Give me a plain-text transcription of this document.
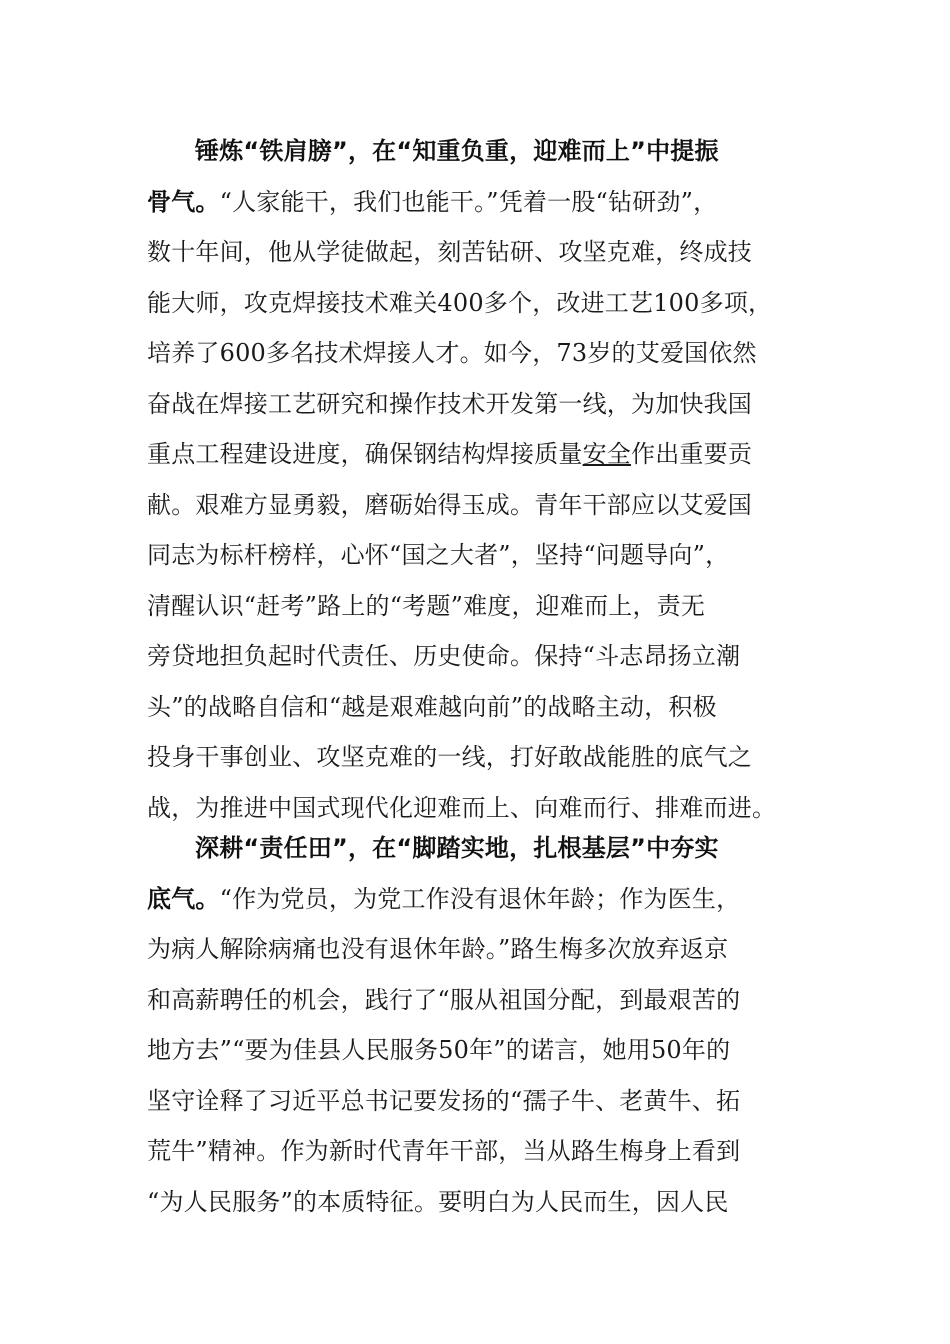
锤炼“铁肩膀”，在“知重负重，迎难而上”中提振
骨气。“人家能干，我们也能干。”凭着一股“钻研劲”，
数十年间，他从学徒做起，刻苦钻研、攻坚克难，终成技
能大师，攻克焊接技术难关400多个，改进工艺100多项，
培养了600多名技术焊接人才。如今，73岁的艾爱国依然
奋战在焊接工艺研究和操作技术开发第一线，为加快我国
重点工程建设进度，确保钢结构焊接质量安全作出重要贡
献。艰难方显勇毅，磨砺始得玉成。青年干部应以艾爱国
同志为标杆榜样，心怀“国之大者”，坚持“问题导向”，
清醒认识“赶考”路上的“考题”难度，迎难而上，责无
旁贷地担负起时代责任、历史使命。保持“斗志昂扬立潮
头”的战略自信和“越是艰难越向前”的战略主动，积极
投身干事创业、攻坚克难的一线，打好敢战能胜的底气之
战，为推进中国式现代化迎难而上、向难而行、排难而进。
深耕“责任田”，在“脚踏实地，扎根基层”中夯实
底气。“作为党员，为党工作没有退休年龄；作为医生，
为病人解除病痛也没有退休年龄。”路生梅多次放弃返京
和高薪聘任的机会，践行了“服从祖国分配，到最艰苦的
地方去”“要为佳县人民服务50年”的诺言，她用50年的
坚守诠释了习近平总书记要发扬的“孺子牛、老黄牛、拓
荒牛”精神。作为新时代青年干部，当从路生梅身上看到
“为人民服务”的本质特征。要明白为人民而生，因人民
